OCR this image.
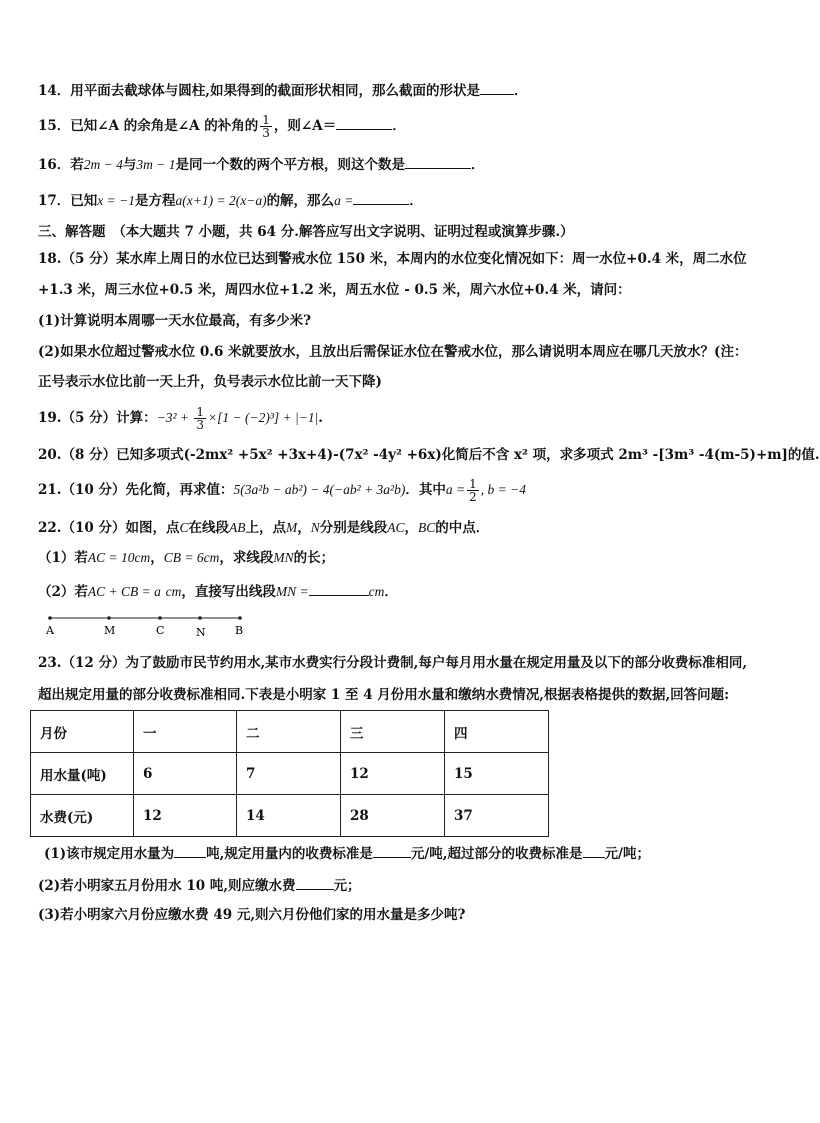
14．用平面去截球体与圆柱,如果得到的截面形状相同，那么截面的形状是	．
15．已知∠A 的余角是∠A 的补角的 $\frac{1}{3}$ ，则∠A＝	．
16．若2m − 4与3m − 1是同一个数的两个平方根，则这个数是	．
17．已知x = −1是方程a(x+1) = 2(x−a)的解，那么a =	．
三、解答题　（本大题共 7 小题，共 64 分.解答应写出文字说明、证明过程或演算步骤.）
18.（5 分）某水库上周日的水位已达到警戒水位 150 米，本周内的水位变化情况如下：周一水位+0.4 米，周二水位
+1.3 米，周三水位+0.5 米，周四水位+1.2 米，周五水位 - 0.5 米，周六水位+0.4 米，请问：
(1)计算说明本周哪一天水位最高，有多少米?
(2)如果水位超过警戒水位 0.6 米就要放水，且放出后需保证水位在警戒水位，那么请说明本周应在哪几天放水？(注：
正号表示水位比前一天上升，负号表示水位比前一天下降)
19.（5 分）计算：$-3^2 + \frac{1}{3} \times[1 - (-2)^3] + |-1|$.
20.（8 分）已知多项式(-2mx² +5x² +3x+4)-(7x² -4y² +6x)化简后不含 x² 项，求多项式 2m³ -[3m³ -4(m-5)+m]的值.
21.（10 分）先化简，再求值：5(3a²b − ab²) − 4(−ab² + 3a²b)．其中$a = \frac{1}{2}$ , b = −4
22.（10 分）如图，点C在线段AB上，点M，N分别是线段AC，BC的中点．
（1）若AC = 10cm，CB = 6cm，求线段MN的长；
（2）若AC + CB = a cm，直接写出线段MN =	cm．
A	M	C	N	B
23.（12 分）为了鼓励市民节约用水,某市水费实行分段计费制,每户每月用水量在规定用量及以下的部分收费标准相同,
超出规定用量的部分收费标准相同.下表是小明家 1 至 4 月份用水量和缴纳水费情况,根据表格提供的数据,回答问题:
月份	一	二	三	四
用水量(吨)	6	7	12	15
水费(元)	12	14	28	37
(1)该市规定用水量为 吨,规定用量内的收费标准是	元/吨,超过部分的收费标准是 元/吨；
(2)若小明家五月份用水 10 吨,则应缴水费	元；
(3)若小明家六月份应缴水费 49 元,则六月份他们家的用水量是多少吨?
